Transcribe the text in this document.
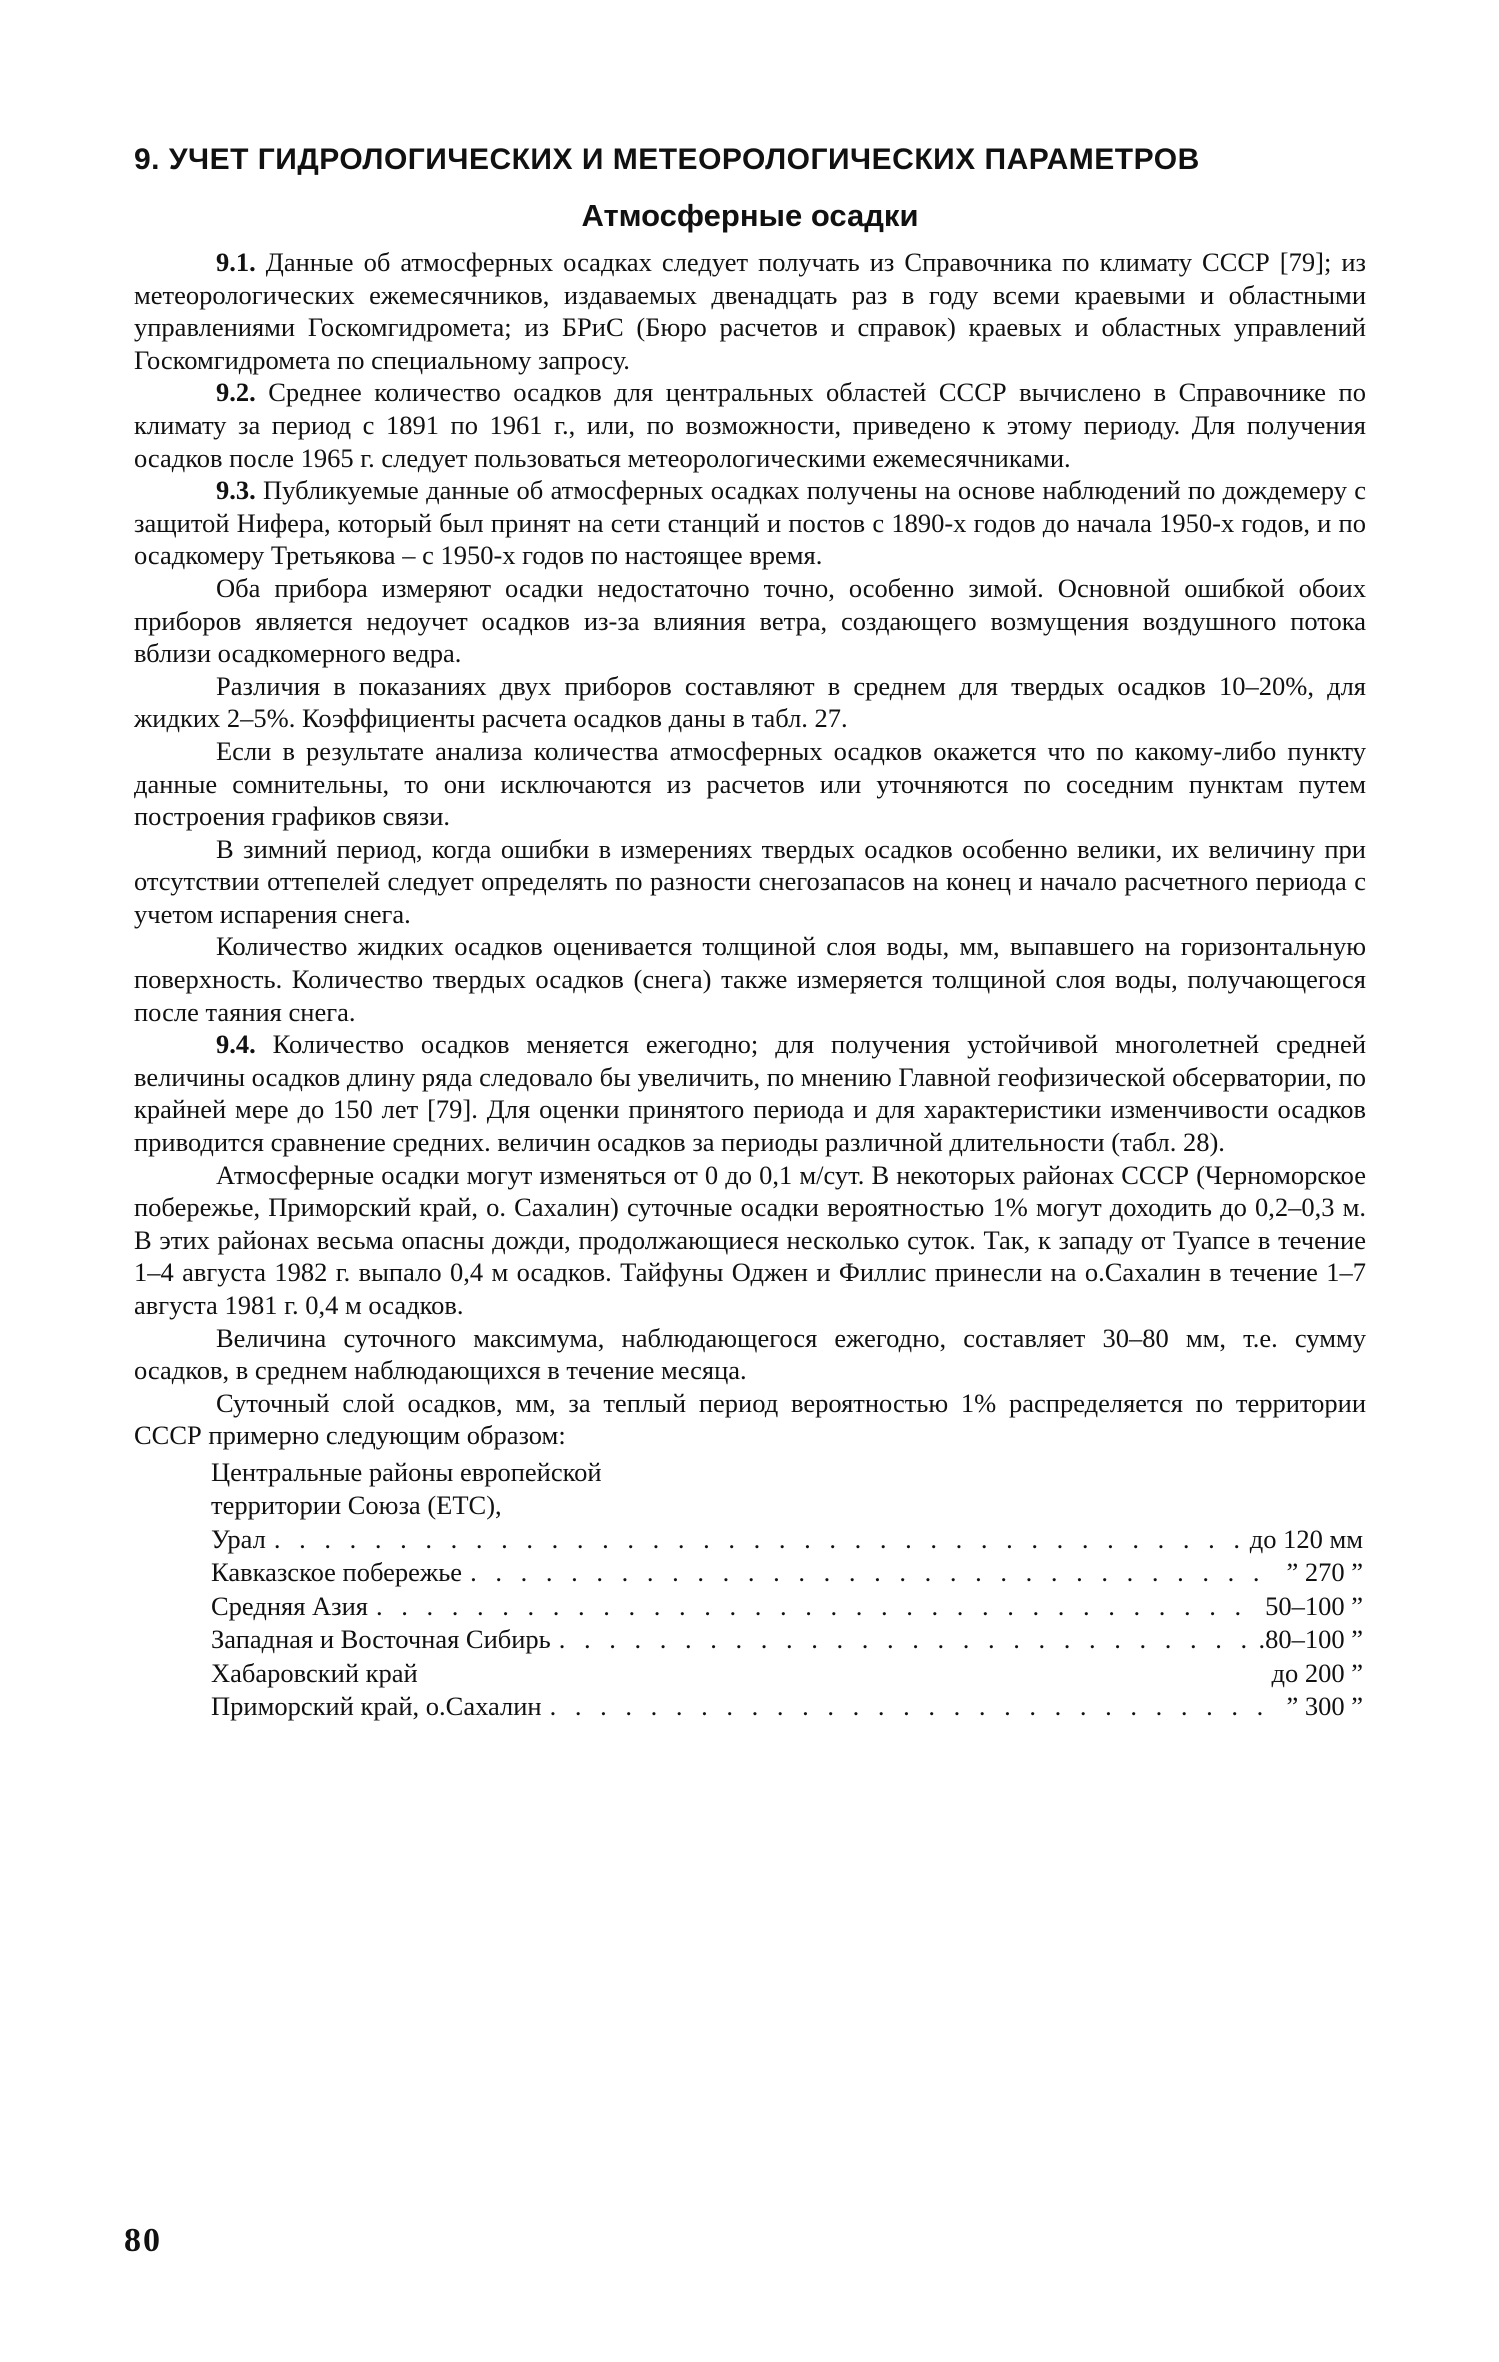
9. УЧЕТ ГИДРОЛОГИЧЕСКИХ И МЕТЕОРОЛОГИЧЕСКИХ ПАРАМЕТРОВ
Атмосферные осадки

9.1. Данные об атмосферных осадках следует получать из Справочника по климату СССР [79]; из метеорологических ежемесячников, издаваемых двенадцать раз в году всеми краевыми и областными управлениями Госкомгидромета; из БРиС (Бюро расчетов и справок) краевых и областных управлений Госкомгидромета по специальному запросу.

9.2. Среднее количество осадков для центральных областей СССР вычислено в Справочнике по климату за период с 1891 по 1961 г., или, по возможности, приведено к этому периоду. Для получения осадков после 1965 г. следует пользоваться метеорологическими ежемесячниками.

9.3. Публикуемые данные об атмосферных осадках получены на основе наблюдений по дождемеру с защитой Нифера, который был принят на сети станций и постов с 1890-х годов до начала 1950-х годов, и по осадкомеру Третьякова – с 1950-х годов по настоящее время.

Оба прибора измеряют осадки недостаточно точно, особенно зимой. Основной ошибкой обоих приборов является недоучет осадков из-за влияния ветра, создающего возмущения воздушного потока вблизи осадкомерного ведра.

Различия в показаниях двух приборов составляют в среднем для твердых осадков 10–20%, для жидких 2–5%. Коэффициенты расчета осадков даны в табл. 27.

Если в результате анализа количества атмосферных осадков окажется что по какому-либо пункту данные сомнительны, то они исключаются из расчетов или уточняются по соседним пунктам путем построения графиков связи.

В зимний период, когда ошибки в измерениях твердых осадков особенно велики, их величину при отсутствии оттепелей следует определять по разности снегозапасов на конец и начало расчетного периода с учетом испарения снега.

Количество жидких осадков оценивается толщиной слоя воды, мм, выпавшего на горизонтальную поверхность. Количество твердых осадков (снега) также измеряется толщиной слоя воды, получающегося после таяния снега.

9.4. Количество осадков меняется ежегодно; для получения устойчивой многолетней средней величины осадков длину ряда следовало бы увеличить, по мнению Главной геофизической обсерватории, по крайней мере до 150 лет [79]. Для оценки принятого периода и для характеристики изменчивости осадков приводится сравнение средних. величин осадков за периоды различной длительности (табл. 28).

Атмосферные осадки могут изменяться от 0 до 0,1 м/сут. В некоторых районах СССР (Черноморское побережье, Приморский край, о. Сахалин) суточные осадки вероятностью 1% могут доходить до 0,2–0,3 м. В этих районах весьма опасны дожди, продолжающиеся несколько суток. Так, к западу от Туапсе в течение 1–4 августа 1982 г. выпало 0,4 м осадков. Тайфуны Оджен и Филлис принесли на о.Сахалин в течение 1–7 августа 1981 г. 0,4 м осадков.

Величина суточного максимума, наблюдающегося ежегодно, составляет 30–80 мм, т.е. сумму осадков, в среднем наблюдающихся в течение месяца.

Суточный слой осадков, мм, за теплый период вероятностью 1% распределяется по территории СССР примерно следующим образом:

Центральные районы европейской

территории Союза (ЕТС),

Урал . . .	до 120 мм
Кавказское побережье . . .	” 270 ”
Средняя Азия . . .	50–100 ”
Западная и Восточная Сибирь . . .	.80–100 ”
Хабаровский край	до 200 ”
Приморский край, о.Сахалин . . .	” 300 ”
80
